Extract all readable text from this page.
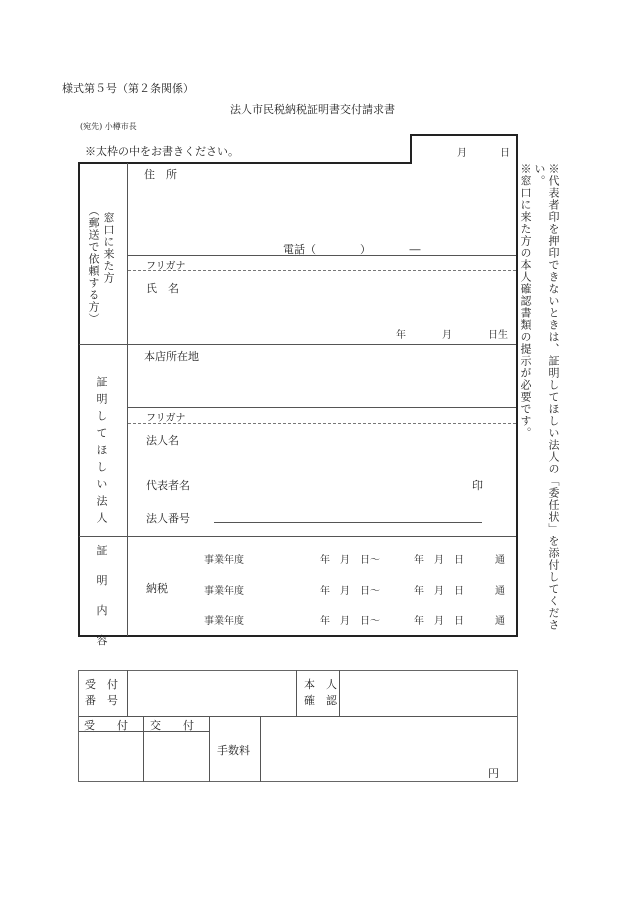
様式第５号（第２条関係）
法人市民税納税証明書交付請求書
(宛先) 小樽市長
※太枠の中をお書きください。	月	日
（郵送で依頼する方） 窓口に来た方
住　所
電話（　　　　）　　　　―
フリガナ
氏　名
年	月	日生
証明してほしい法人
本店所在地
フリガナ
法人名
代表者名	印
法人番号
証
明
内
容
納税
事業年度	年　月　日～	年　月　日	通
事業年度	年　月　日～	年　月　日	通
事業年度	年　月　日～	年　月　日	通	※代表者印を押印できないときは、証明してほしい法人の「委任状」を添付してください。
※窓口に来た方の本人確認書類の提示が必要です。
受　付
番　号
本　人
確　認
受　　付 交　　付
手数料
円
